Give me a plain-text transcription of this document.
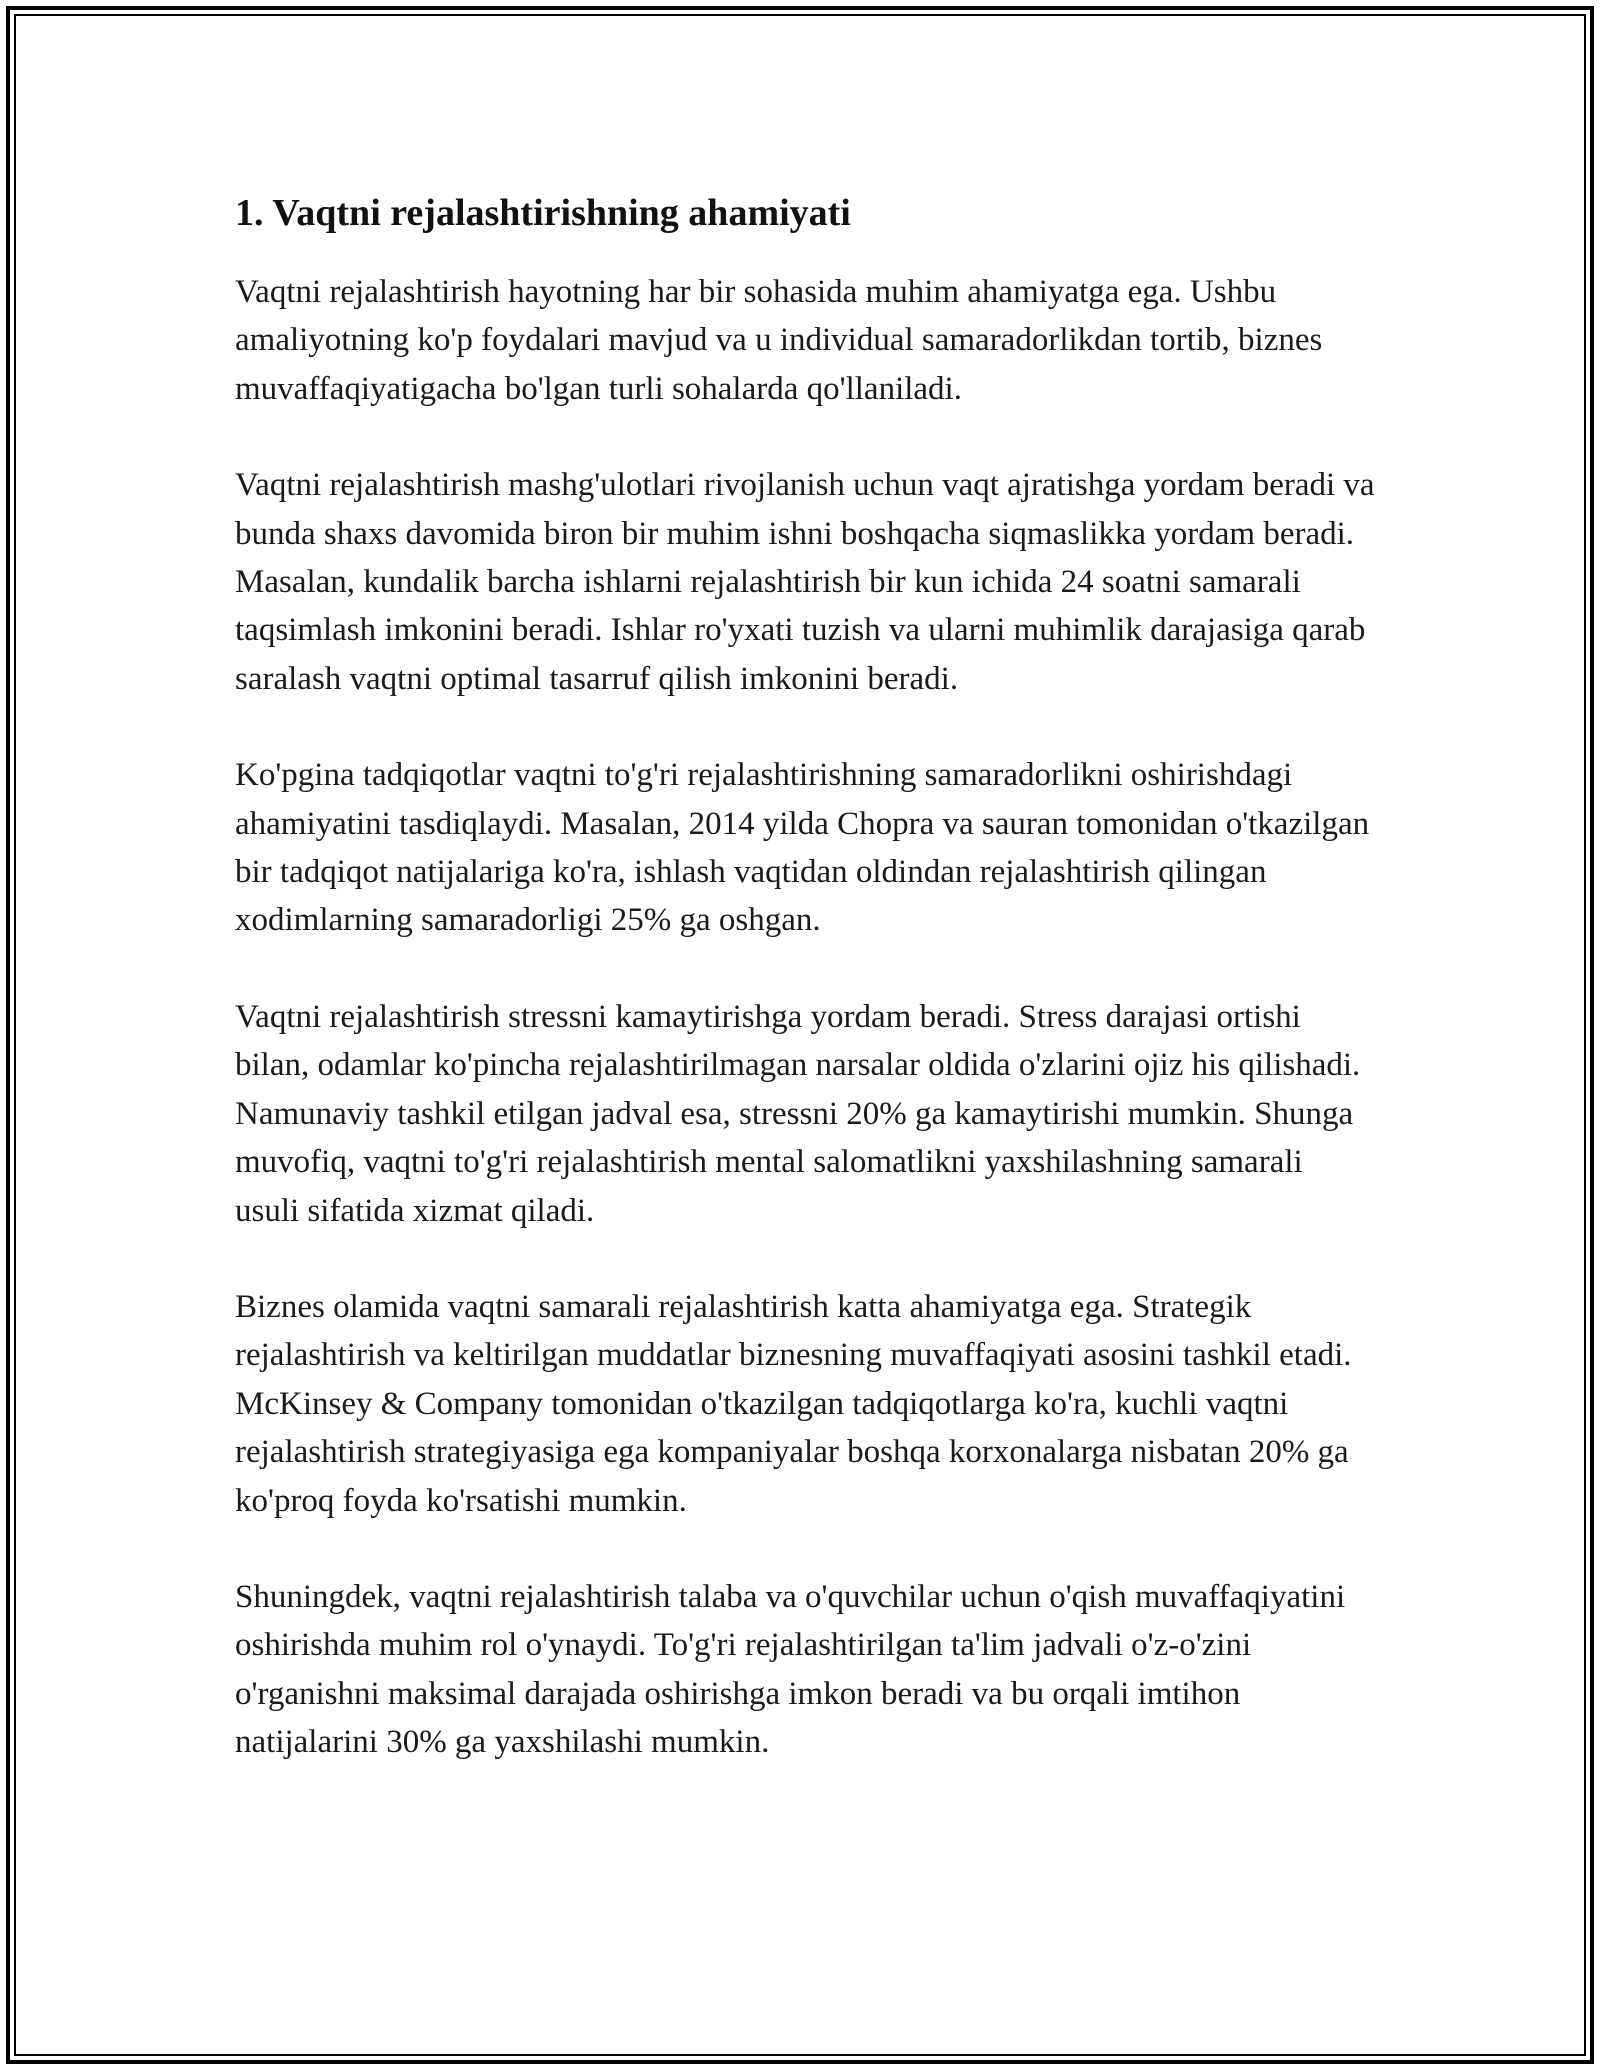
1. Vaqtni rejalashtirishning ahamiyati

Vaqtni rejalashtirish hayotning har bir sohasida muhim ahamiyatga ega. Ushbu amaliyotning ko'p foydalari mavjud va u individual samaradorlikdan tortib, biznes muvaffaqiyatigacha bo'lgan turli sohalarda qo'llaniladi.

Vaqtni rejalashtirish mashg'ulotlari rivojlanish uchun vaqt ajratishga yordam beradi va bunda shaxs davomida biron bir muhim ishni boshqacha siqmaslikka yordam beradi. Masalan, kundalik barcha ishlarni rejalashtirish bir kun ichida 24 soatni samarali taqsimlash imkonini beradi. Ishlar ro'yxati tuzish va ularni muhimlik darajasiga qarab saralash vaqtni optimal tasarruf qilish imkonini beradi.

Ko'pgina tadqiqotlar vaqtni to'g'ri rejalashtirishning samaradorlikni oshirishdagi ahamiyatini tasdiqlaydi. Masalan, 2014 yilda Chopra va sauran tomonidan o'tkazilgan bir tadqiqot natijalariga ko'ra, ishlash vaqtidan oldindan rejalashtirish qilingan xodimlarning samaradorligi 25% ga oshgan.

Vaqtni rejalashtirish stressni kamaytirishga yordam beradi. Stress darajasi ortishi bilan, odamlar ko'pincha rejalashtirilmagan narsalar oldida o'zlarini ojiz his qilishadi. Namunaviy tashkil etilgan jadval esa, stressni 20% ga kamaytirishi mumkin. Shunga muvofiq, vaqtni to'g'ri rejalashtirish mental salomatlikni yaxshilashning samarali usuli sifatida xizmat qiladi.

Biznes olamida vaqtni samarali rejalashtirish katta ahamiyatga ega. Strategik rejalashtirish va keltirilgan muddatlar biznesning muvaffaqiyati asosini tashkil etadi. McKinsey & Company tomonidan o'tkazilgan tadqiqotlarga ko'ra, kuchli vaqtni rejalashtirish strategiyasiga ega kompaniyalar boshqa korxonalarga nisbatan 20% ga ko'proq foyda ko'rsatishi mumkin.

Shuningdek, vaqtni rejalashtirish talaba va o'quvchilar uchun o'qish muvaffaqiyatini oshirishda muhim rol o'ynaydi. To'g'ri rejalashtirilgan ta'lim jadvali o'z-o'zini o'rganishni maksimal darajada oshirishga imkon beradi va bu orqali imtihon natijalarini 30% ga yaxshilashi mumkin.
